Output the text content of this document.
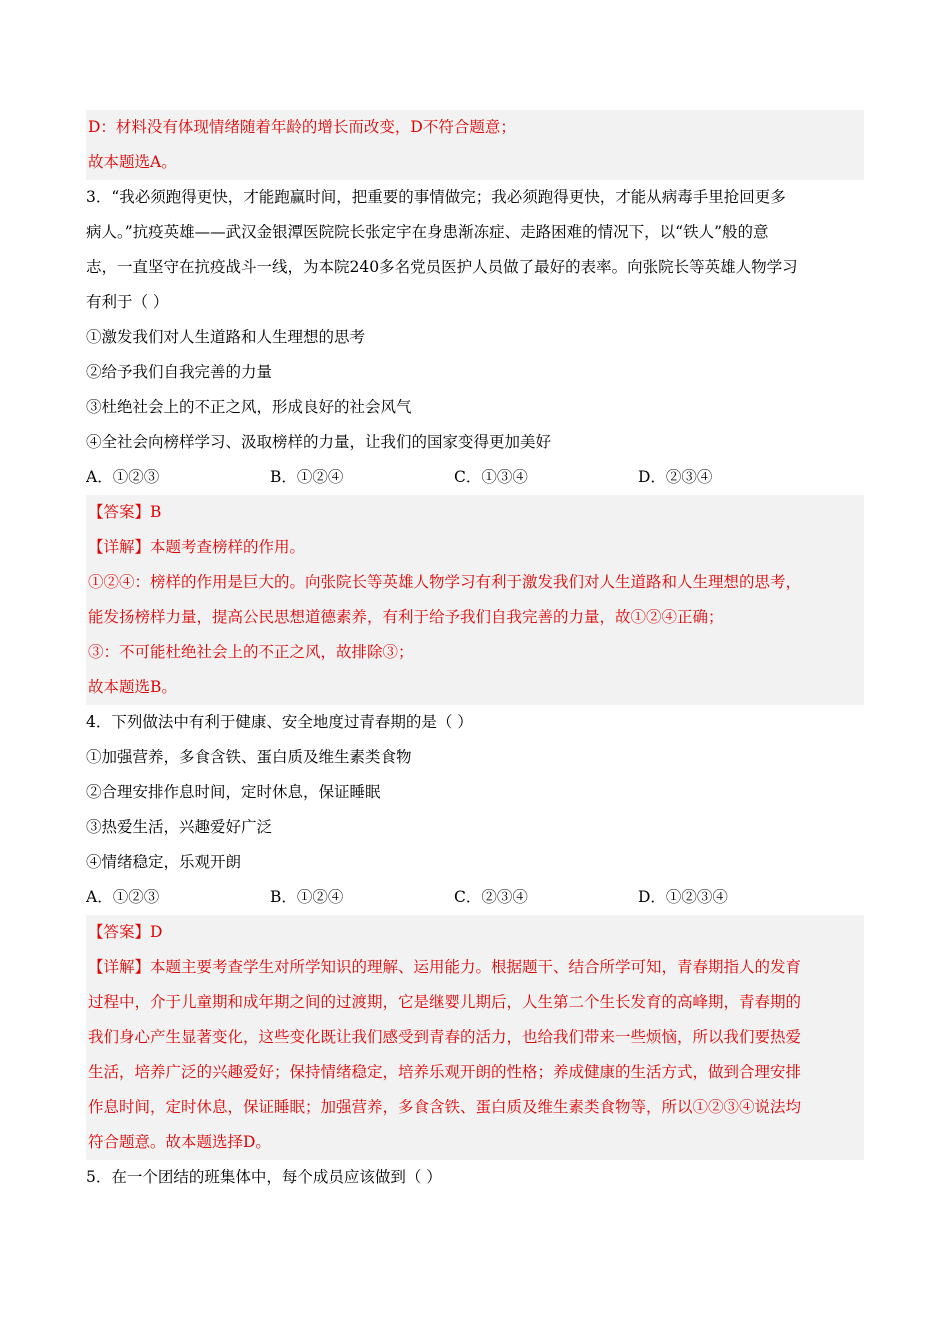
D：材料没有体现情绪随着年龄的增长而改变，D不符合题意；
故本题选A。
3．“我必须跑得更快，才能跑赢时间，把重要的事情做完；我必须跑得更快，才能从病毒手里抢回更多
病人。”抗疫英雄——武汉金银潭医院院长张定宇在身患渐冻症、走路困难的情况下，以“铁人”般的意
志，一直坚守在抗疫战斗一线，为本院240多名党员医护人员做了最好的表率。向张院长等英雄人物学习
有利于（ ）
①激发我们对人生道路和人生理想的思考
②给予我们自我完善的力量
③杜绝社会上的不正之风，形成良好的社会风气
④全社会向榜样学习、汲取榜样的力量，让我们的国家变得更加美好
A．①②③	B．①②④	C．①③④	D．②③④
【答案】B
【详解】本题考查榜样的作用。
①②④：榜样的作用是巨大的。向张院长等英雄人物学习有利于激发我们对人生道路和人生理想的思考，
能发扬榜样力量，提高公民思想道德素养，有利于给予我们自我完善的力量，故①②④正确；
③：不可能杜绝社会上的不正之风，故排除③；
故本题选B。
4．下列做法中有利于健康、安全地度过青春期的是（ ）
①加强营养，多食含铁、蛋白质及维生素类食物
②合理安排作息时间，定时休息，保证睡眠
③热爱生活，兴趣爱好广泛
④情绪稳定，乐观开朗
A．①②③	B．①②④	C．②③④	D．①②③④
【答案】D
【详解】本题主要考查学生对所学知识的理解、运用能力。根据题干、结合所学可知，青春期指人的发育
过程中，介于儿童期和成年期之间的过渡期，它是继婴儿期后，人生第二个生长发育的高峰期，青春期的
我们身心产生显著变化，这些变化既让我们感受到青春的活力，也给我们带来一些烦恼，所以我们要热爱
生活，培养广泛的兴趣爱好；保持情绪稳定，培养乐观开朗的性格；养成健康的生活方式，做到合理安排
作息时间，定时休息，保证睡眠；加强营养，多食含铁、蛋白质及维生素类食物等，所以①②③④说法均
符合题意。故本题选择D。
5．在一个团结的班集体中，每个成员应该做到（ ）
